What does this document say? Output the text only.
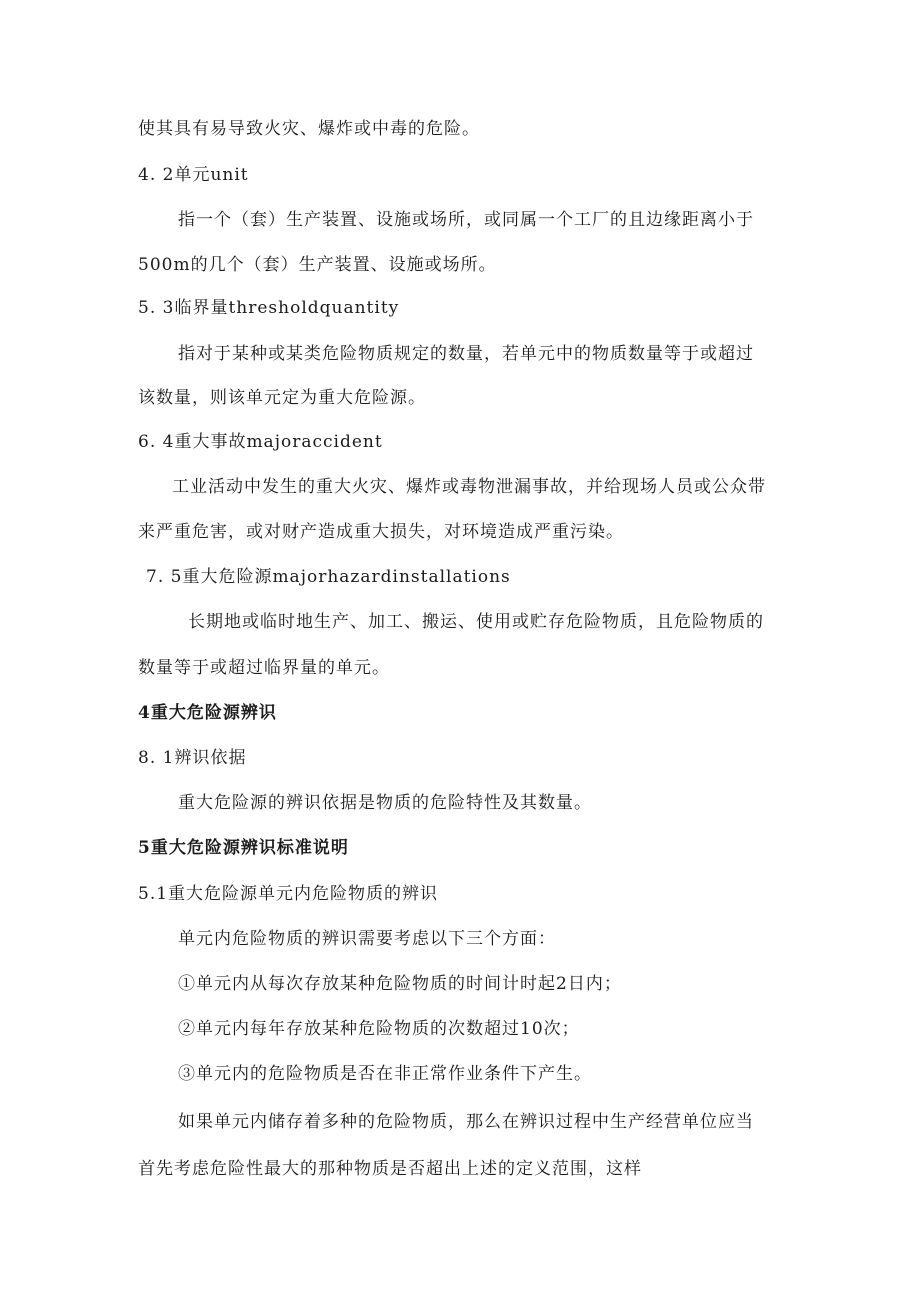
使其具有易导致火灾、爆炸或中毒的危险。
4. 2单元unit
指一个（套）生产装置、设施或场所，或同属一个工厂的且边缘距离小于
500m的几个（套）生产装置、设施或场所。
5. 3临界量thresholdquantity
指对于某种或某类危险物质规定的数量，若单元中的物质数量等于或超过
该数量，则该单元定为重大危险源。
6. 4重大事故majoraccident
工业活动中发生的重大火灾、爆炸或毒物泄漏事故，并给现场人员或公众带
来严重危害，或对财产造成重大损失，对环境造成严重污染。
7. 5重大危险源majorhazardinstallations
长期地或临时地生产、加工、搬运、使用或贮存危险物质，且危险物质的
数量等于或超过临界量的单元。
4重大危险源辨识
8. 1辨识依据
重大危险源的辨识依据是物质的危险特性及其数量。
5重大危险源辨识标准说明
5.1重大危险源单元内危险物质的辨识
单元内危险物质的辨识需要考虑以下三个方面：
①单元内从每次存放某种危险物质的时间计时起2日内；
②单元内每年存放某种危险物质的次数超过10次；
③单元内的危险物质是否在非正常作业条件下产生。
如果单元内储存着多种的危险物质，那么在辨识过程中生产经营单位应当
首先考虑危险性最大的那种物质是否超出上述的定义范围，这样
